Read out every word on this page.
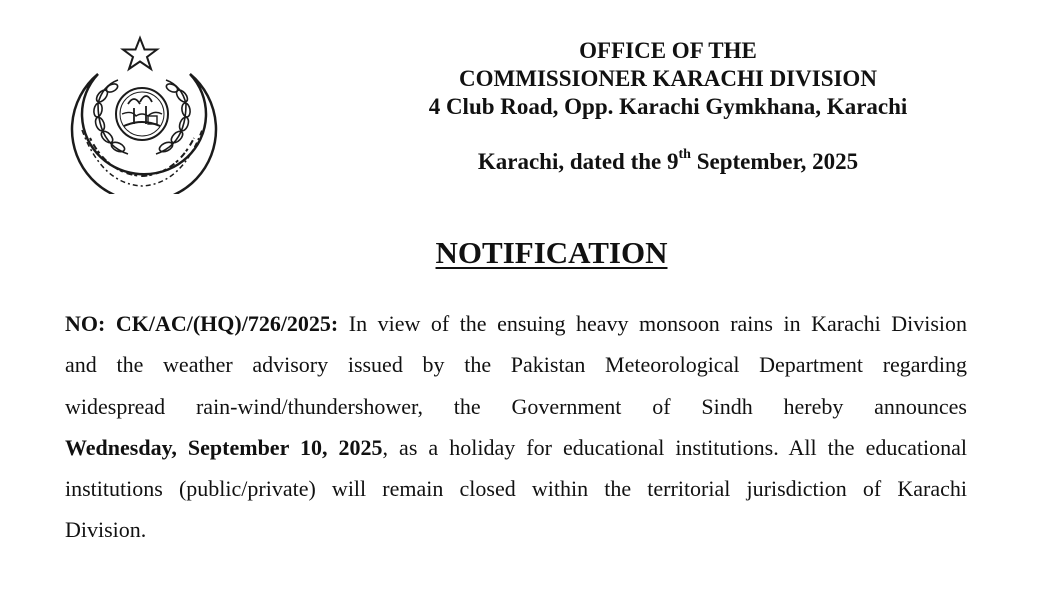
OFFICE OF THE
COMMISSIONER KARACHI DIVISION
4 Club Road, Opp. Karachi Gymkhana, Karachi
Karachi, dated the 9th September, 2025
NOTIFICATION
NO: CK/AC/(HQ)/726/2025: In view of the ensuing heavy monsoon rains in Karachi Division
and the weather advisory issued by the Pakistan Meteorological Department regarding
widespread rain-wind/thundershower, the Government of Sindh hereby announces
Wednesday, September 10, 2025, as a holiday for educational institutions. All the educational
institutions (public/private) will remain closed within the territorial jurisdiction of Karachi
Division.
